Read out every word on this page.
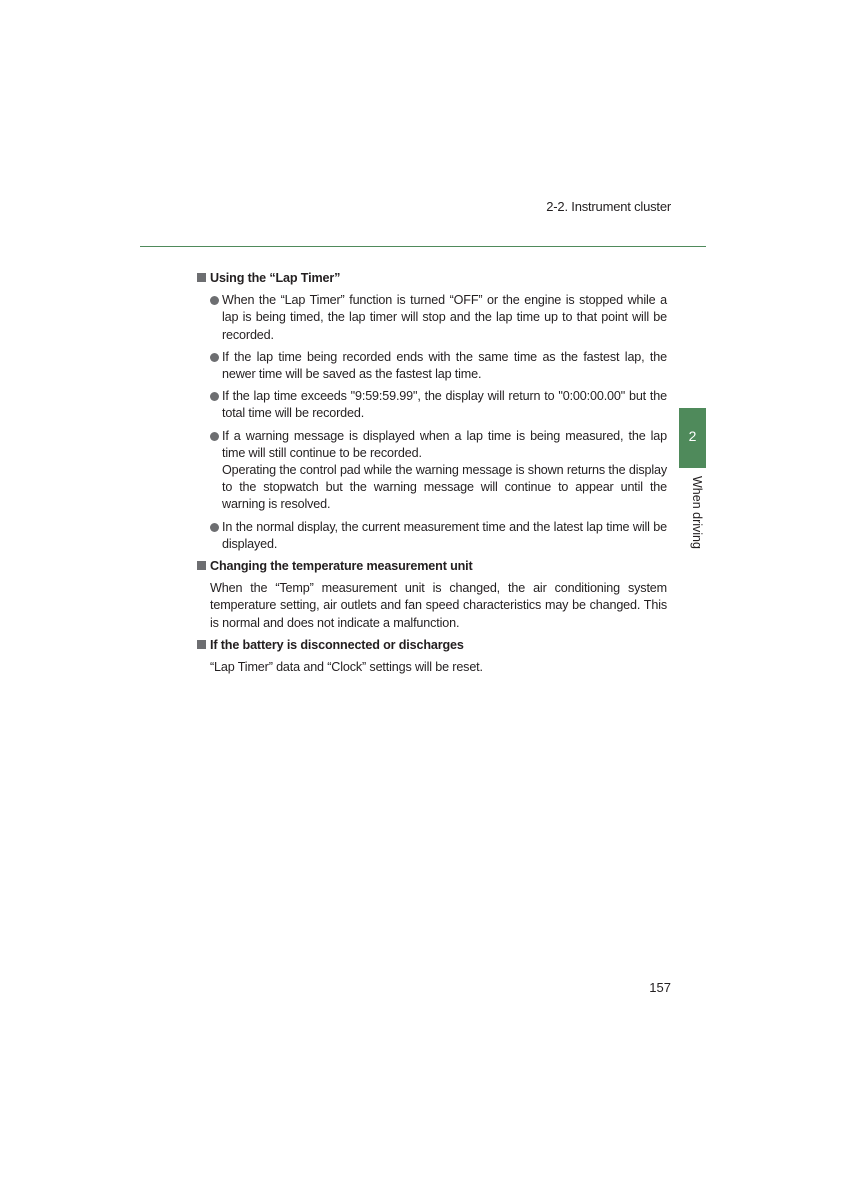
2-2. Instrument cluster
2
When driving
Using the “Lap Timer”
When the “Lap Timer” function is turned “OFF” or the engine is stopped while a lap is being timed, the lap timer will stop and the lap time up to that point will be recorded.
If the lap time being recorded ends with the same time as the fastest lap, the newer time will be saved as the fastest lap time.
If the lap time exceeds "9:59:59.99", the display will return to "0:00:00.00" but the total time will be recorded.
If a warning message is displayed when a lap time is being measured, the lap time will still continue to be recorded.
Operating the control pad while the warning message is shown returns the display to the stopwatch but the warning message will continue to appear until the warning is resolved.
In the normal display, the current measurement time and the latest lap time will be displayed.
Changing the temperature measurement unit
When the “Temp” measurement unit is changed, the air conditioning system temperature setting, air outlets and fan speed characteristics may be changed. This is normal and does not indicate a malfunction.
If the battery is disconnected or discharges
“Lap Timer” data and “Clock” settings will be reset.
157
